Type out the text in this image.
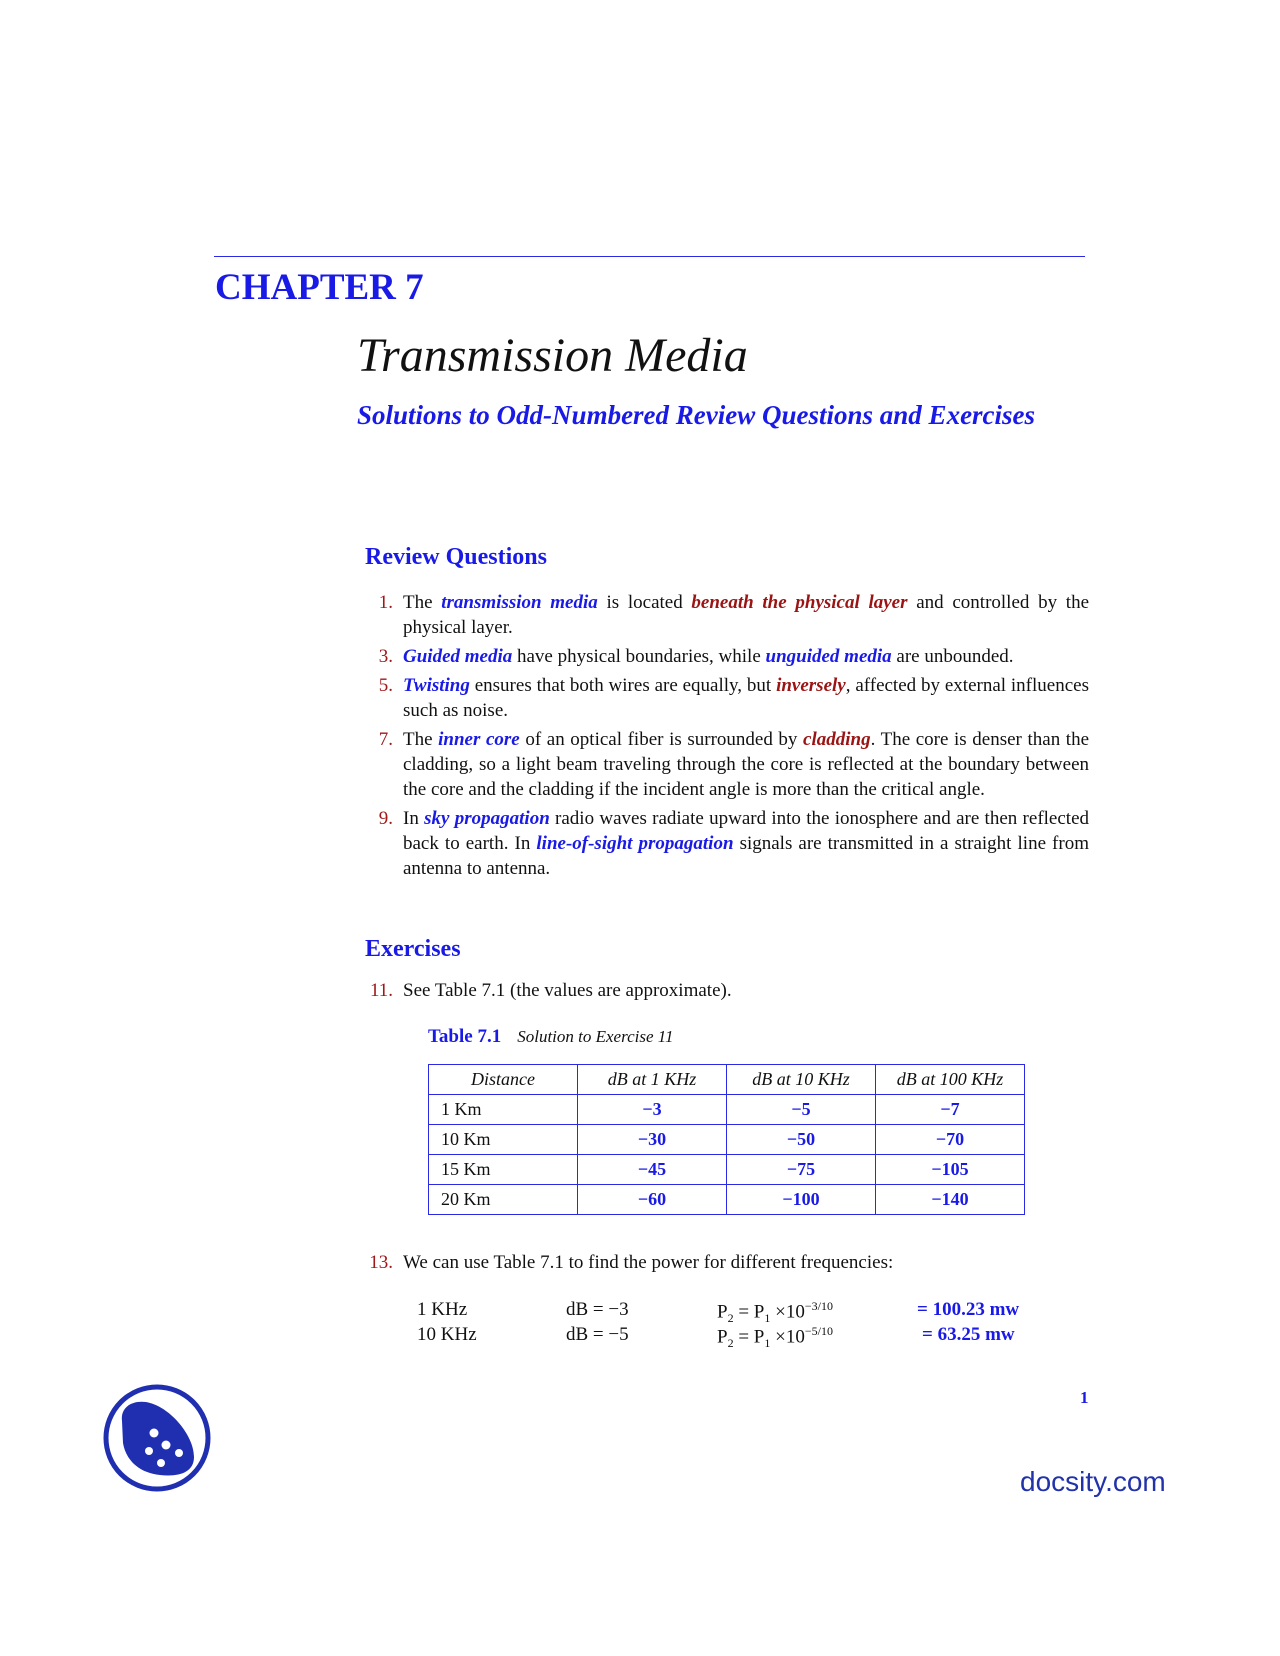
CHAPTER 7
Transmission Media
Solutions to Odd-Numbered Review Questions and Exercises
Review Questions
1. The transmission media is located beneath the physical layer and controlled by the physical layer.
3. Guided media have physical boundaries, while unguided media are unbounded.
5. Twisting ensures that both wires are equally, but inversely, affected by external influences such as noise.
7. The inner core of an optical fiber is surrounded by cladding. The core is denser than the cladding, so a light beam traveling through the core is reflected at the boundary between the core and the cladding if the incident angle is more than the critical angle.
9. In sky propagation radio waves radiate upward into the ionosphere and are then reflected back to earth. In line-of-sight propagation signals are transmitted in a straight line from antenna to antenna.
Exercises
11. See Table 7.1 (the values are approximate).
Table 7.1 Solution to Exercise 11
Distance	dB at 1 KHz	dB at 10 KHz	dB at 100 KHz
1 Km	−3	−5	−7
10 Km	−30	−50	−70
15 Km	−45	−75	−105
20 Km	−60	−100	−140
13. We can use Table 7.1 to find the power for different frequencies:
1 KHz	dB = −3	$P_2 = P_1 \times 10^{-3/10}$	= 100.23 mw
10 KHz	dB = −5	$P_2 = P_1 \times 10^{-5/10}$	= 63.25 mw
1
docsity.com
